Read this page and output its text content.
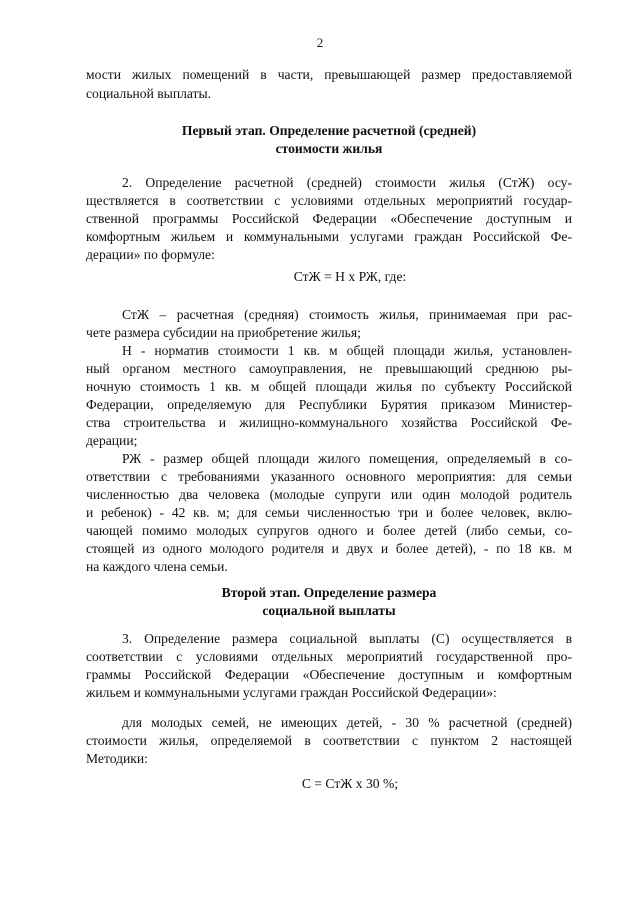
2
мости жилых помещений в части, превышающей размер предоставляемой
социальной выплаты.
Первый этап. Определение расчетной (средней)
стоимости жилья
2. Определение расчетной (средней) стоимости жилья (СтЖ) осу-
ществляется в соответствии с условиями отдельных мероприятий государ-
ственной программы Российской Федерации «Обеспечение доступным и
комфортным жильем и коммунальными услугами граждан Российской Фе-
дерации» по формуле:
СтЖ = Н х РЖ, где:
СтЖ – расчетная (средняя) стоимость жилья, принимаемая при рас-
чете размера субсидии на приобретение жилья;
Н - норматив стоимости 1 кв. м общей площади жилья, установлен-
ный органом местного самоуправления, не превышающий среднюю ры-
ночную стоимость 1 кв. м общей площади жилья по субъекту Российской
Федерации, определяемую для Республики Бурятия приказом Министер-
ства строительства и жилищно-коммунального хозяйства Российской Фе-
дерации;
РЖ - размер общей площади жилого помещения, определяемый в со-
ответствии с требованиями указанного основного мероприятия: для семьи
численностью два человека (молодые супруги или один молодой родитель
и ребенок) - 42 кв. м; для семьи численностью три и более человек, вклю-
чающей помимо молодых супругов одного и более детей (либо семьи, со-
стоящей из одного молодого родителя и двух и более детей), - по 18 кв. м
на каждого члена семьи.
Второй этап. Определение размера
социальной выплаты
3. Определение размера социальной выплаты (С) осуществляется в
соответствии с условиями отдельных мероприятий государственной про-
граммы Российской Федерации «Обеспечение доступным и комфортным
жильем и коммунальными услугами граждан Российской Федерации»:
для молодых семей, не имеющих детей, - 30 % расчетной (средней)
стоимости жилья, определяемой в соответствии с пунктом 2 настоящей
Методики:
С = СтЖ х 30 %;
